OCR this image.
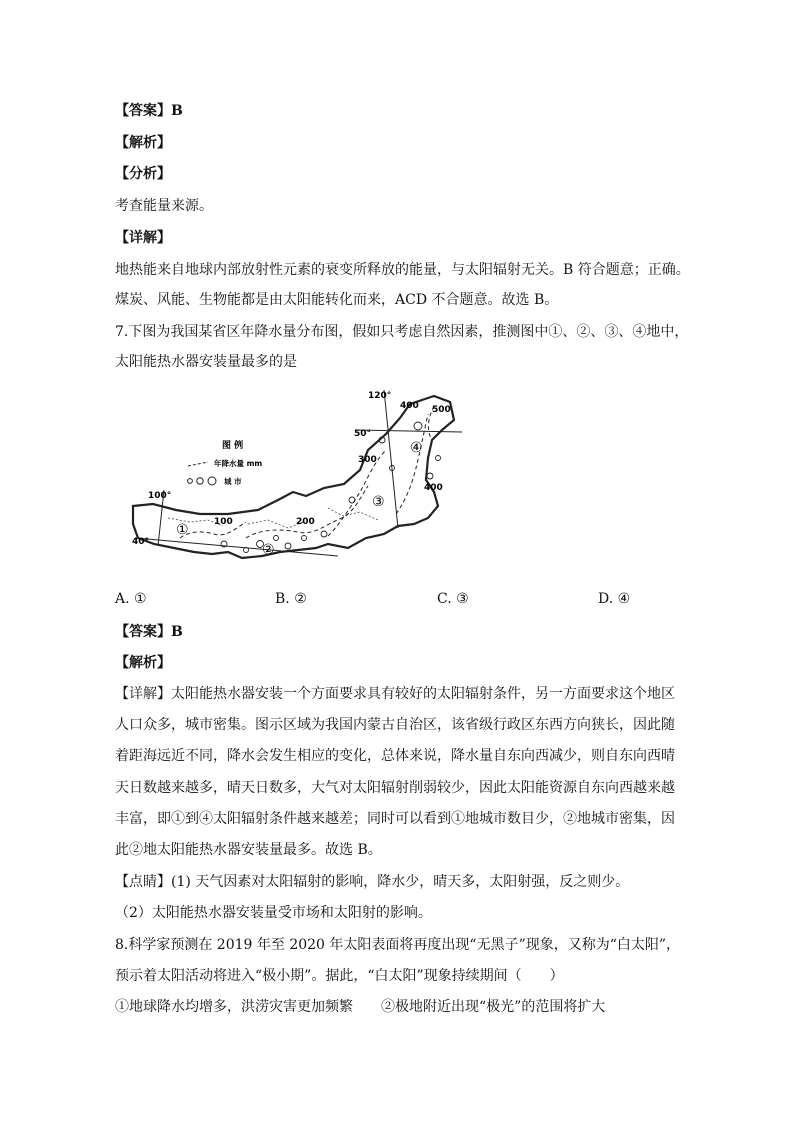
【答案】B
【解析】
【分析】
考查能量来源。
【详解】
地热能来自地球内部放射性元素的衰变所释放的能量，与太阳辐射无关。B 符合题意；正确。
煤炭、风能、生物能都是由太阳能转化而来，ACD 不合题意。故选 B。
7.下图为我国某省区年降水量分布图，假如只考虑自然因素，推测图中①、②、③、④地中，
太阳能热水器安装量最多的是
图 例
年降水量 mm
城 市
120°
100°
40°
50°
100	200
300
400
400
500
①
②
③
④
A. ①	B. ②	C. ③	D. ④
【答案】B
【解析】
【详解】太阳能热水器安装一个方面要求具有较好的太阳辐射条件，另一方面要求这个地区
人口众多，城市密集。图示区域为我国内蒙古自治区，该省级行政区东西方向狭长，因此随
着距海远近不同，降水会发生相应的变化，总体来说，降水量自东向西减少，则自东向西晴
天日数越来越多，晴天日数多，大气对太阳辐射削弱较少，因此太阳能资源自东向西越来越
丰富，即①到④太阳辐射条件越来越差；同时可以看到①地城市数目少，②地城市密集，因
此②地太阳能热水器安装量最多。故选 B。
【点睛】(1) 天气因素对太阳辐射的影响，降水少，晴天多，太阳射强，反之则少。
（2）太阳能热水器安装量受市场和太阳射的影响。
8.科学家预测在 2019 年至 2020 年太阳表面将再度出现“无黑子”现象，又称为“白太阳”，
预示着太阳活动将进入“极小期”。据此，“白太阳”现象持续期间（　　）
①地球降水均增多，洪涝灾害更加频繁　　②极地附近出现“极光”的范围将扩大
